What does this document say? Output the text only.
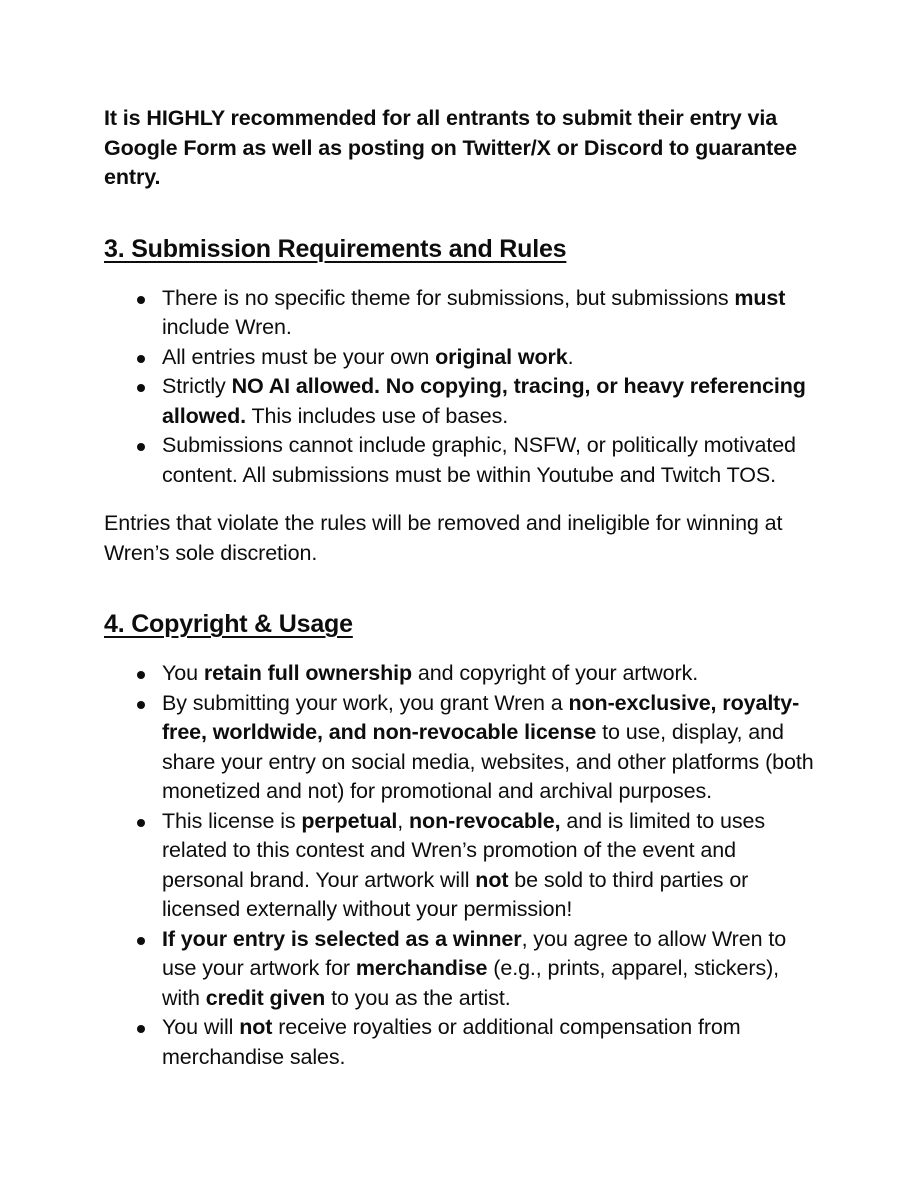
It is HIGHLY recommended for all entrants to submit their entry via Google Form as well as posting on Twitter/X or Discord to guarantee entry.

3. Submission Requirements and Rules
There is no specific theme for submissions, but submissions must include Wren.
All entries must be your own original work.
Strictly NO AI allowed. No copying, tracing, or heavy referencing allowed. This includes use of bases.
Submissions cannot include graphic, NSFW, or politically motivated content. All submissions must be within Youtube and Twitch TOS.

Entries that violate the rules will be removed and ineligible for winning at Wren’s sole discretion.

4. Copyright & Usage
You retain full ownership and copyright of your artwork.
By submitting your work, you grant Wren a non-exclusive, royalty-free, worldwide, and non-revocable license to use, display, and share your entry on social media, websites, and other platforms (both monetized and not) for promotional and archival purposes.
This license is perpetual, non-revocable, and is limited to uses related to this contest and Wren’s promotion of the event and personal brand. Your artwork will not be sold to third parties or licensed externally without your permission!
If your entry is selected as a winner, you agree to allow Wren to use your artwork for merchandise (e.g., prints, apparel, stickers), with credit given to you as the artist.
You will not receive royalties or additional compensation from merchandise sales.
